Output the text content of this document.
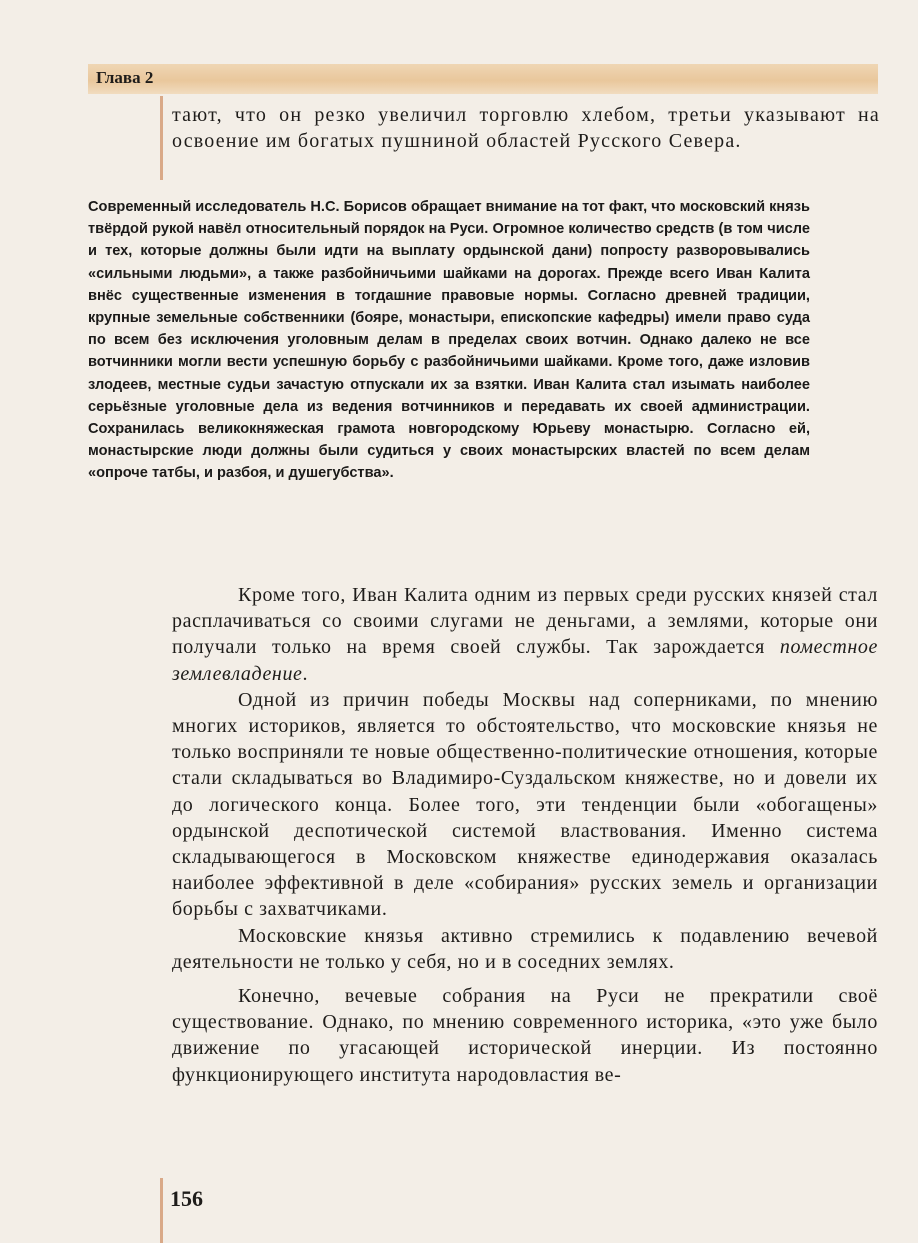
Глава 2
тают, что он резко увеличил торговлю хлебом, третьи указывают на освоение им богатых пушниной областей Русского Севера.
Современный исследователь Н.С. Борисов обращает внимание на тот факт, что московский князь твёрдой рукой навёл относительный порядок на Руси. Огромное количество средств (в том числе и тех, которые должны были идти на выплату ордынской дани) попросту разворовывались «сильными людьми», а также разбойничьими шайками на дорогах. Прежде всего Иван Калита внёс существенные изменения в тогдашние правовые нормы. Согласно древней традиции, крупные земельные собственники (бояре, монастыри, епископские кафедры) имели право суда по всем без исключения уголовным делам в пределах своих вотчин. Однако далеко не все вотчинники могли вести успешную борьбу с разбойничьими шайками. Кроме того, даже изловив злодеев, местные судьи зачастую отпускали их за взятки. Иван Калита стал изымать наиболее серьёзные уголовные дела из ведения вотчинников и передавать их своей администрации. Сохранилась великокняжеская грамота новгородскому Юрьеву монастырю. Согласно ей, монастырские люди должны были судиться у своих монастырских властей по всем делам «опроче татбы, и разбоя, и душегубства».

Кроме того, Иван Калита одним из первых среди русских князей стал расплачиваться со своими слугами не деньгами, а землями, которые они получали только на время своей службы. Так зарождается поместное землевладение.

Одной из причин победы Москвы над соперниками, по мнению многих историков, является то обстоятельство, что московские князья не только восприняли те новые общественно-политические отношения, которые стали складываться во Владимиро-Суздальском княжестве, но и довели их до логического конца. Более того, эти тенденции были «обогащены» ордынской деспотической системой властвования. Именно система складывающегося в Московском княжестве единодержавия оказалась наиболее эффективной в деле «собирания» русских земель и организации борьбы с захватчиками.

Московские князья активно стремились к подавлению вечевой деятельности не только у себя, но и в соседних землях.

Конечно, вечевые собрания на Руси не прекратили своё существование. Однако, по мнению современного историка, «это уже было движение по угасающей исторической инерции. Из постоянно функционирующего института народовластия ве-

156
